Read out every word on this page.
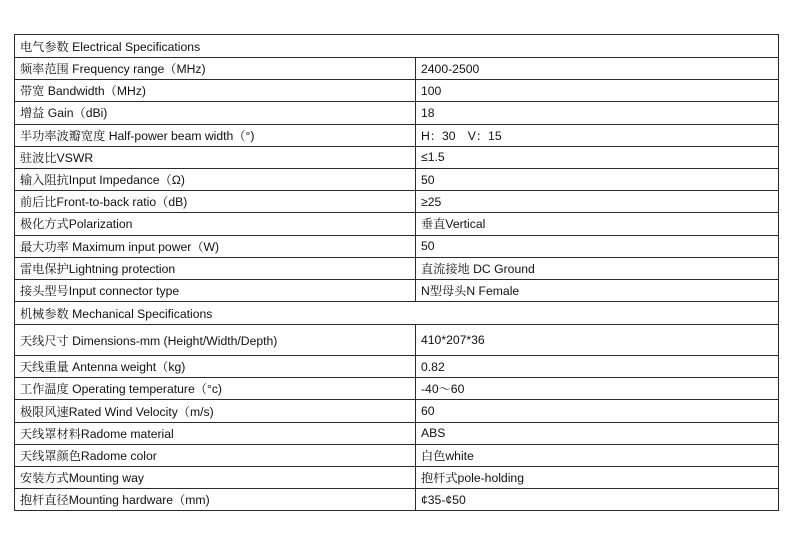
电气参数 Electrical Specifications	
频率范围 Frequency range（MHz)	2400-2500
带宽 Bandwidth（MHz)	100
增益 Gain（dBi)	18
半功率波瓣宽度 Half-power beam width（°)	H：30　V：15
驻波比VSWR	≤1.5
输入阻抗Input Impedance（Ω)	50
前后比Front-to-back ratio（dB)	≥25
极化方式Polarization	垂直Vertical
最大功率 Maximum input power（W)	50
雷电保护Lightning protection	直流接地 DC Ground
接头型号Input connector type	N型母头N Female
机械参数 Mechanical Specifications	
天线尺寸 Dimensions-mm (Height/Width/Depth)	410*207*36
天线重量 Antenna weight（kg)	0.82
工作温度 Operating temperature（°c)	-40～60
极限风速Rated Wind Velocity（m/s)	60
天线罩材料Radome material	ABS
天线罩颜色Radome color	白色white
安装方式Mounting way	抱杆式pole-holding
抱杆直径Mounting hardware（mm)	¢35-¢50
